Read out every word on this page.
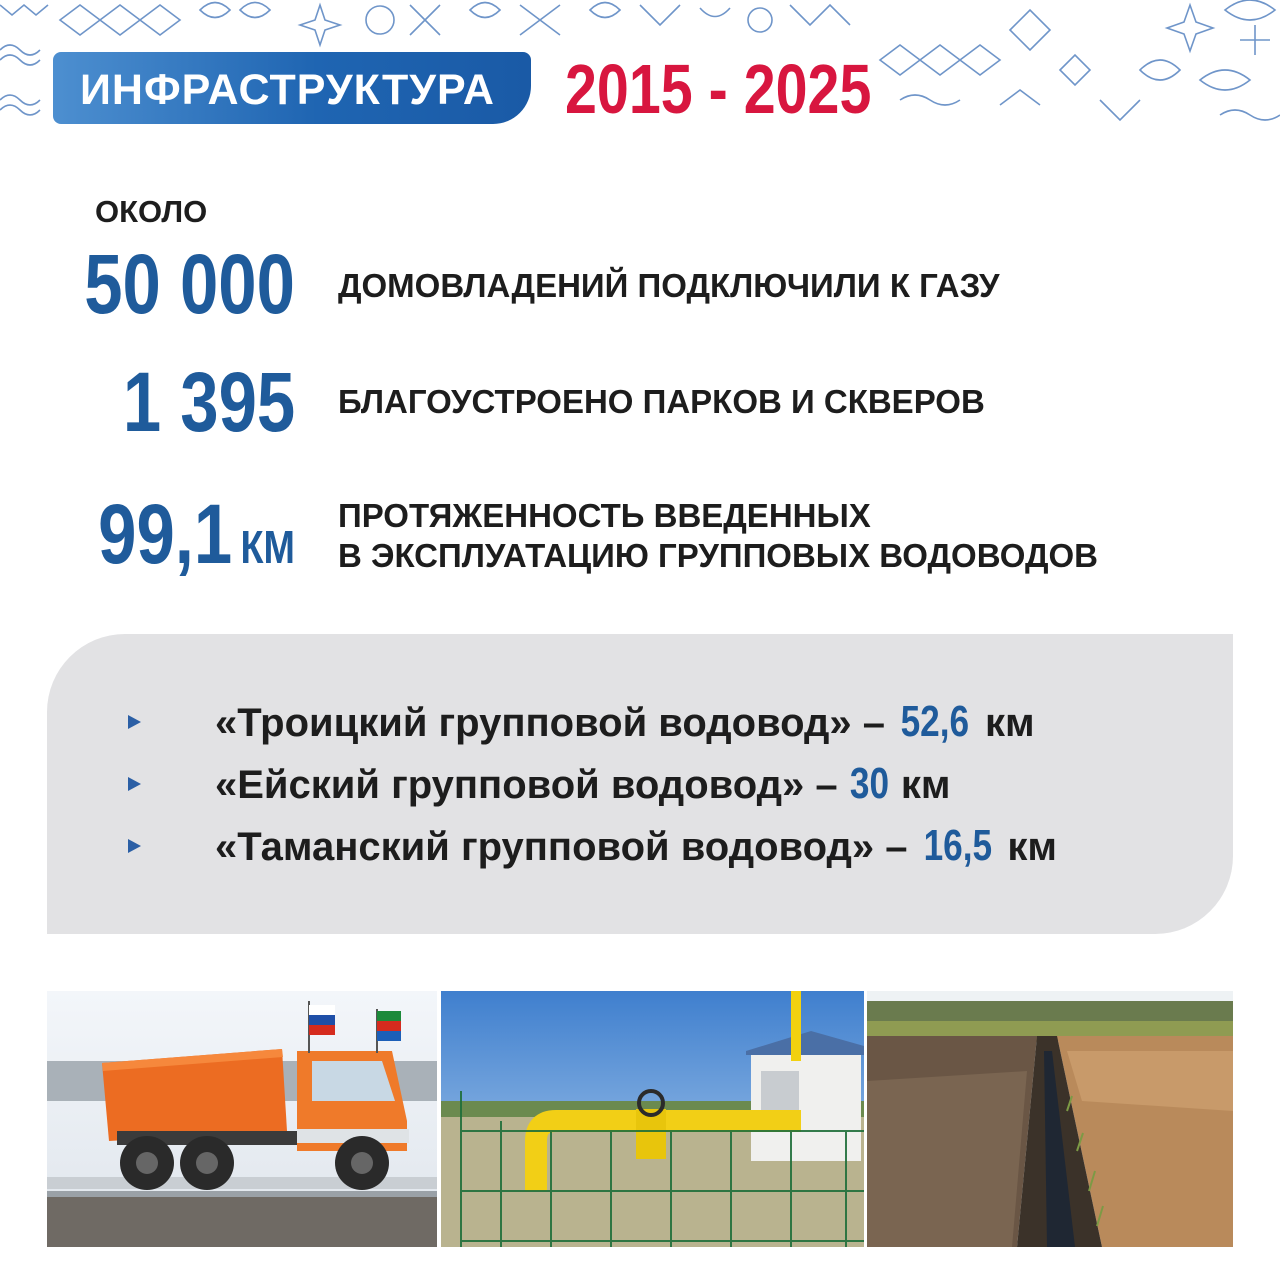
ИНФРАСТРУКТУРА	2015 - 2025
ОКОЛО
50 000 ДОМОВЛАДЕНИЙ ПОДКЛЮЧИЛИ К ГАЗУ
1 395 БЛАГОУСТРОЕНО ПАРКОВ И СКВЕРОВ
99,1 КМ
ПРОТЯЖЕННОСТЬ ВВЕДЕННЫХ
В ЭКСПЛУАТАЦИЮ ГРУППОВЫХ ВОДОВОДОВ
«Троицкий групповой водовод» – 52,6 км
«Ейский групповой водовод» – 30 км
«Таманский групповой водовод» – 16,5 км
